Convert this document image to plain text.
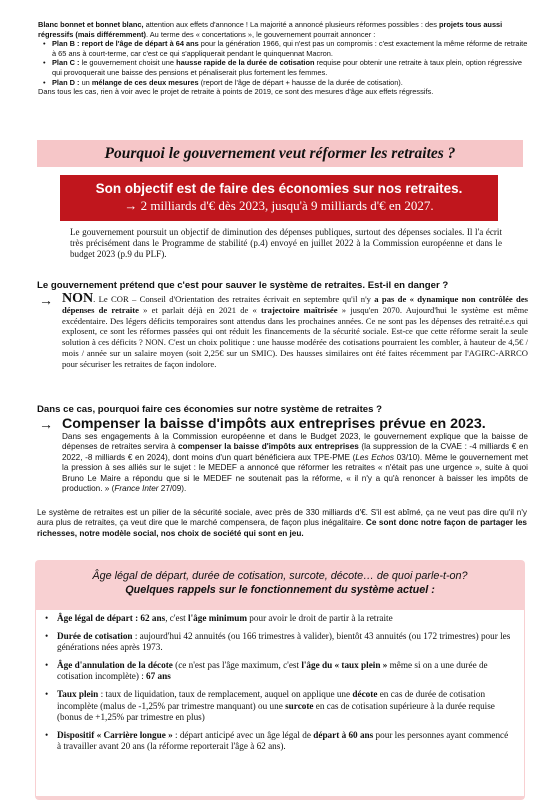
Blanc bonnet et bonnet blanc, attention aux effets d'annonce ! La majorité a annoncé plusieurs réformes possibles : des projets tous aussi régressifs (mais différemment). Au terme des « concertations », le gouvernement pourrait annoncer :

• Plan B : report de l'âge de départ à 64 ans pour la génération 1966, qui n'est pas un compromis : c'est exactement la même réforme de retraite à 65 ans à court-terme, car c'est ce qui s'appliquerait pendant le quinquennat Macron.
• Plan C : le gouvernement choisit une hausse rapide de la durée de cotisation requise pour obtenir une retraite à taux plein, option régressive qui provoquerait une baisse des pensions et pénaliserait plus fortement les femmes.
• Plan D : un mélange de ces deux mesures (report de l'âge de départ + hausse de la durée de cotisation).

Dans tous les cas, rien à voir avec le projet de retraite à points de 2019, ce sont des mesures d'âge aux effets régressifs.

Pourquoi le gouvernement veut réformer les retraites ?
Son objectif est de faire des économies sur nos retraites.
→ 2 milliards d'€ dès 2023, jusqu'à 9 milliards d'€ en 2027.
Le gouvernement poursuit un objectif de diminution des dépenses publiques, surtout des dépenses sociales. Il l'a écrit très précisément dans le Programme de stabilité (p.4) envoyé en juillet 2022 à la Commission européenne et dans le budget 2023 (p.9 du PLF).
Le gouvernement prétend que c'est pour sauver le système de retraites. Est-il en danger ?
→ NON. Le COR – Conseil d'Orientation des retraites écrivait en septembre qu'il n'y a pas de « dynamique non contrôlée des dépenses de retraite » et parlait déjà en 2021 de « trajectoire maîtrisée » jusqu'en 2070. Aujourd'hui le système est même excédentaire. Des légers déficits temporaires sont attendus dans les prochaines années. Ce ne sont pas les dépenses des retraité.e.s qui explosent, ce sont les réformes passées qui ont réduit les financements de la sécurité sociale. Est-ce que cette réforme serait la seule solution à ces déficits ? NON. C'est un choix politique : une hausse modérée des cotisations pourraient les combler, à hauteur de 4,5€ / mois / année sur un salaire moyen (soit 2,25€ sur un SMIC). Des hausses similaires ont été faites récemment par l'AGIRC-ARRCO pour sécuriser les retraites de façon indolore.
Dans ce cas, pourquoi faire ces économies sur notre système de retraites ?
→ Compenser la baisse d'impôts aux entreprises prévue en 2023.
Dans ses engagements à la Commission européenne et dans le Budget 2023, le gouvernement explique que la baisse de dépenses de retraites servira à compenser la baisse d'impôts aux entreprises (la suppression de la CVAE : -4 milliards € en 2022, -8 milliards € en 2024), dont moins d'un quart bénéficiera aux TPE-PME (Les Echos 03/10). Même le gouvernement met la pression à ses alliés sur le sujet : le MEDEF a annoncé que réformer les retraites « n'était pas une urgence », suite à quoi Bruno Le Maire a répondu que si le MEDEF ne soutenait pas la réforme, « il n'y a qu'à renoncer à baisser les impôts de production. » (France Inter 27/09).
Le système de retraites est un pilier de la sécurité sociale, avec près de 330 milliards d'€. S'il est abîmé, ça ne veut pas dire qu'il n'y aura plus de retraites, ça veut dire que le marché compensera, de façon plus inégalitaire. Ce sont donc notre façon de partager les richesses, notre modèle social, nos choix de société qui sont en jeu.
Âge légal de départ, durée de cotisation, surcote, décote… de quoi parle-t-on?
Quelques rappels sur le fonctionnement du système actuel :
• Âge légal de départ : 62 ans, c'est l'âge minimum pour avoir le droit de partir à la retraite
• Durée de cotisation : aujourd'hui 42 annuités (ou 166 trimestres à valider), bientôt 43 annuités (ou 172 trimestres) pour les générations nées après 1973.
• Âge d'annulation de la décote (ce n'est pas l'âge maximum, c'est l'âge du « taux plein » même si on a une durée de cotisation incomplète) : 67 ans
• Taux plein : taux de liquidation, taux de remplacement, auquel on applique une décote en cas de durée de cotisation incomplète (malus de -1,25% par trimestre manquant) ou une surcote en cas de cotisation supérieure à la durée requise (bonus de +1,25% par trimestre en plus)
• Dispositif « Carrière longue » : départ anticipé avec un âge légal de départ à 60 ans pour les personnes ayant commencé à travailler avant 20 ans (la réforme reporterait l'âge à 62 ans).
